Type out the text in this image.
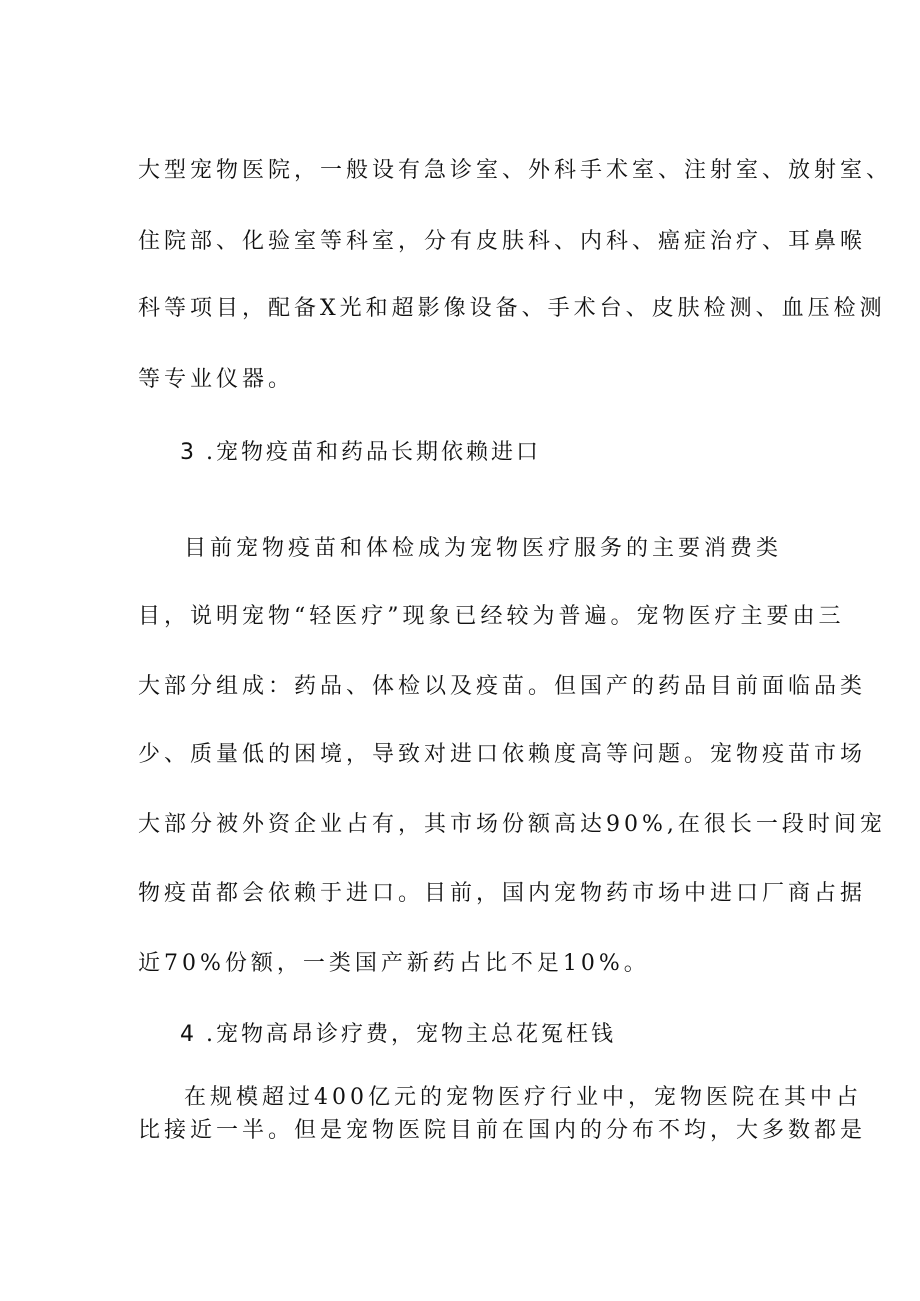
大型宠物医院，一般设有急诊室、外科手术室、注射室、放射室、
住院部、化验室等科室，分有皮肤科、内科、癌症治疗、耳鼻喉
科等项目，配备X光和超影像设备、手术台、皮肤检测、血压检测
等专业仪器。
3 .宠物疫苗和药品长期依赖进口
目前宠物疫苗和体检成为宠物医疗服务的主要消费类
目，说明宠物“轻医疗”现象已经较为普遍。宠物医疗主要由三
大部分组成：药品、体检以及疫苗。但国产的药品目前面临品类
少、质量低的困境，导致对进口依赖度高等问题。宠物疫苗市场
大部分被外资企业占有，其市场份额高达90%,在很长一段时间宠
物疫苗都会依赖于进口。目前，国内宠物药市场中进口厂商占据
近70%份额，一类国产新药占比不足10%。
4 .宠物高昂诊疗费，宠物主总花冤枉钱
在规模超过400亿元的宠物医疗行业中，宠物医院在其中占
比接近一半。但是宠物医院目前在国内的分布不均，大多数都是
